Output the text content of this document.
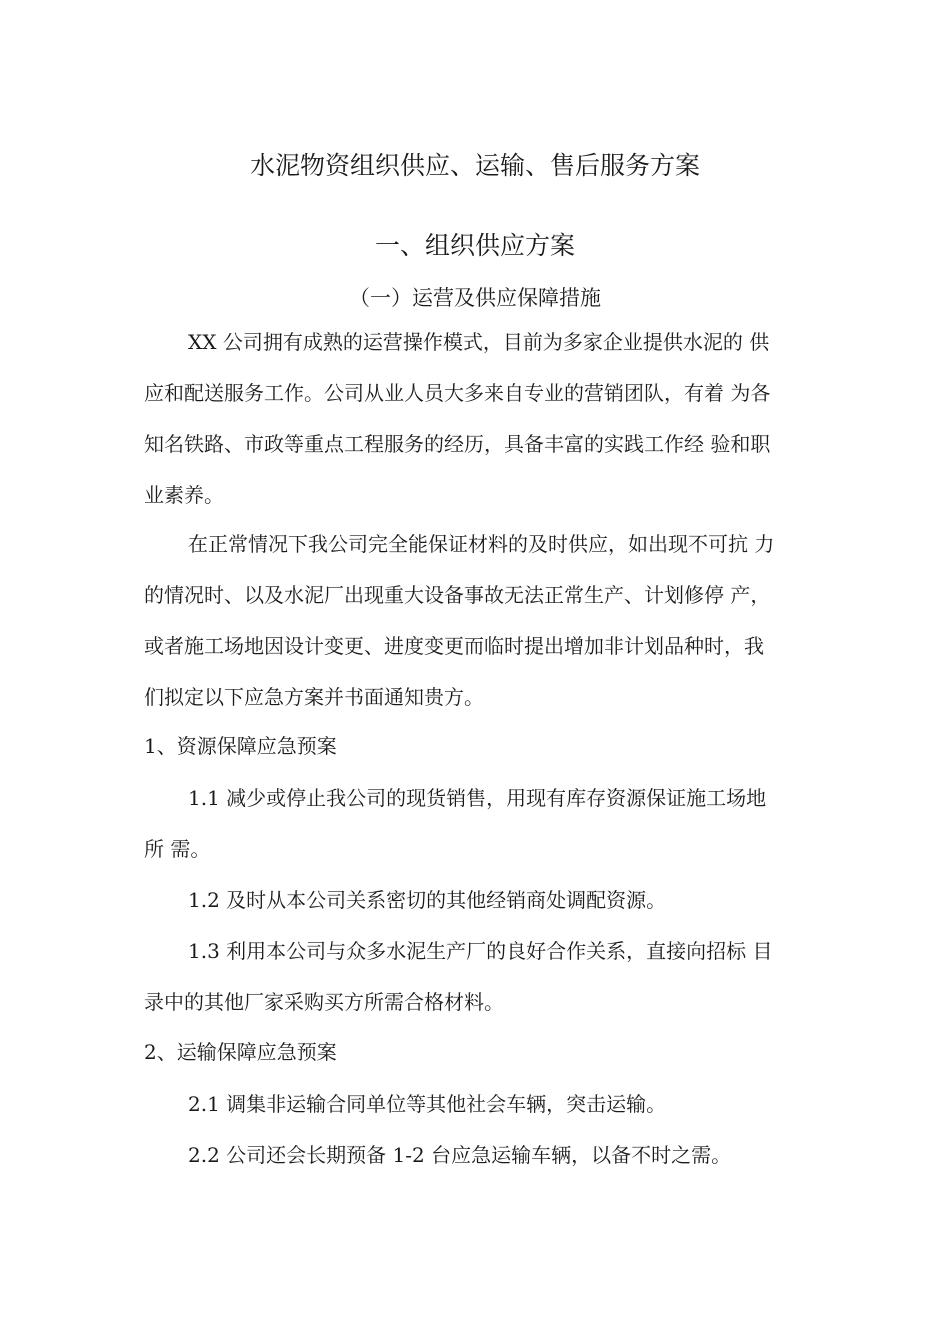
水泥物资组织供应、运输、售后服务方案
一、组织供应方案
（一）运营及供应保障措施
XX 公司拥有成熟的运营操作模式，目前为多家企业提供水泥的 供
应和配送服务工作。公司从业人员大多来自专业的营销团队，有着 为各
知名铁路、市政等重点工程服务的经历，具备丰富的实践工作经 验和职
业素养。
在正常情况下我公司完全能保证材料的及时供应，如出现不可抗 力
的情况时、以及水泥厂出现重大设备事故无法正常生产、计划修停 产，
或者施工场地因设计变更、进度变更而临时提出增加非计划品种时，我
们拟定以下应急方案并书面通知贵方。
1、资源保障应急预案
1.1 减少或停止我公司的现货销售，用现有库存资源保证施工场地
所 需。
1.2 及时从本公司关系密切的其他经销商处调配资源。
1.3 利用本公司与众多水泥生产厂的良好合作关系，直接向招标 目
录中的其他厂家采购买方所需合格材料。
2、运输保障应急预案
2.1 调集非运输合同单位等其他社会车辆，突击运输。
2.2 公司还会长期预备 1-2 台应急运输车辆，以备不时之需。
